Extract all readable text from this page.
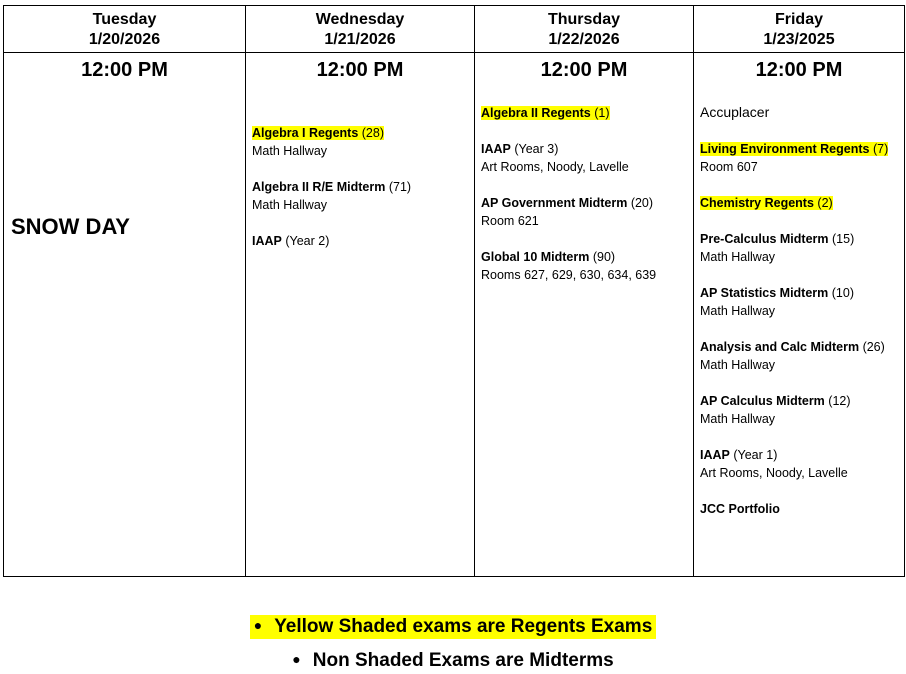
Tuesday
1/20/2026
12:00 PM
SNOW DAY
Wednesday
1/21/2026
12:00 PM
Algebra I Regents (28)
Math Hallway
Algebra II R/E Midterm (71)
Math Hallway
IAAP (Year 2)
Thursday
1/22/2026
12:00 PM
Algebra II Regents (1)
IAAP (Year 3)
Art Rooms, Noody, Lavelle
AP Government Midterm (20)
Room 621
Global 10 Midterm (90)
Rooms 627, 629, 630, 634, 639
Friday
1/23/2025
12:00 PM
Accuplacer
Living Environment Regents (7)
Room 607
Chemistry Regents (2)
Pre-Calculus Midterm (15)
Math Hallway
AP Statistics Midterm (10)
Math Hallway
Analysis and Calc Midterm (26)
Math Hallway
AP Calculus Midterm (12)
Math Hallway
IAAP (Year 1)
Art Rooms, Noody, Lavelle
JCC Portfolio
● Yellow Shaded exams are Regents Exams
● Non Shaded Exams are Midterms
